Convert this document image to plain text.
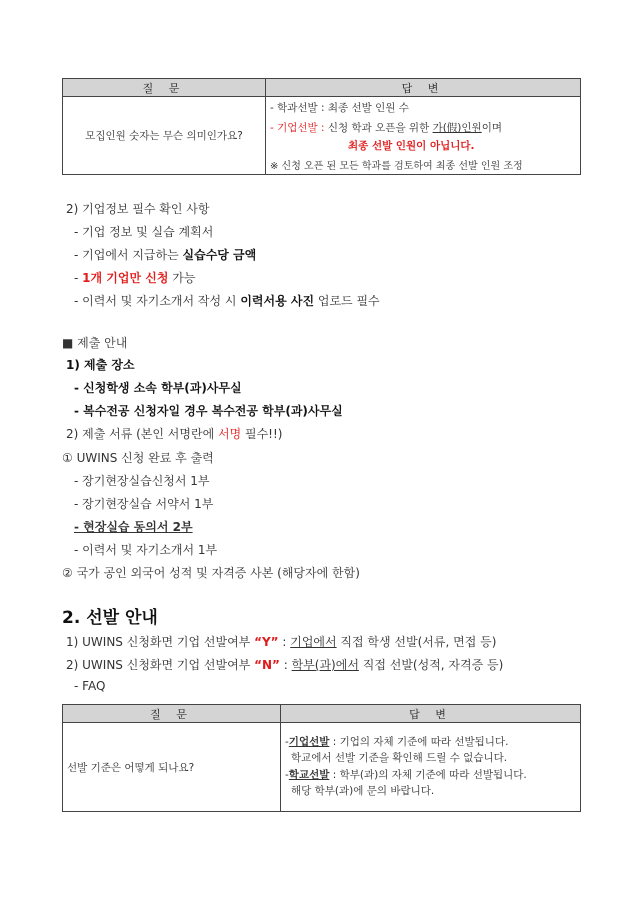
질 문	답 변
모집인원 숫자는 무슨 의미인가요?	- 학과선발 : 최종 선발 인원 수
- 기업선발 : 신청 학과 오픈을 위한 가(假)인원이며
최종 선발 인원이 아닙니다.
※ 신청 오픈 된 모든 학과를 검토하여 최종 선발 인원 조정
2) 기업정보 필수 확인 사항
- 기업 정보 및 실습 계획서
- 기업에서 지급하는 실습수당 금액
- 1개 기업만 신청 가능
- 이력서 및 자기소개서 작성 시 이력서용 사진 업로드 필수
■ 제출 안내
1) 제출 장소
- 신청학생 소속 학부(과)사무실
- 복수전공 신청자일 경우 복수전공 학부(과)사무실
2) 제출 서류 (본인 서명란에 서명 필수!!)
① UWINS 신청 완료 후 출력
- 장기현장실습신청서 1부
- 장기현장실습 서약서 1부
- 현장실습 동의서 2부
- 이력서 및 자기소개서 1부
② 국가 공인 외국어 성적 및 자격증 사본 (해당자에 한함)
2. 선발 안내
1) UWINS 신청화면 기업 선발여부 “Y” : 기업에서 직접 학생 선발(서류, 면접 등)
2) UWINS 신청화면 기업 선발여부 “N” : 학부(과)에서 직접 선발(성적, 자격증 등)
- FAQ
질 문	답 변
선발 기준은 어떻게 되나요?	-기업선발 : 기업의 자체 기준에 따라 선발됩니다.
학교에서 선발 기준을 확인해 드릴 수 없습니다.
-학교선발 : 학부(과)의 자체 기준에 따라 선발됩니다.
해당 학부(과)에 문의 바랍니다.
